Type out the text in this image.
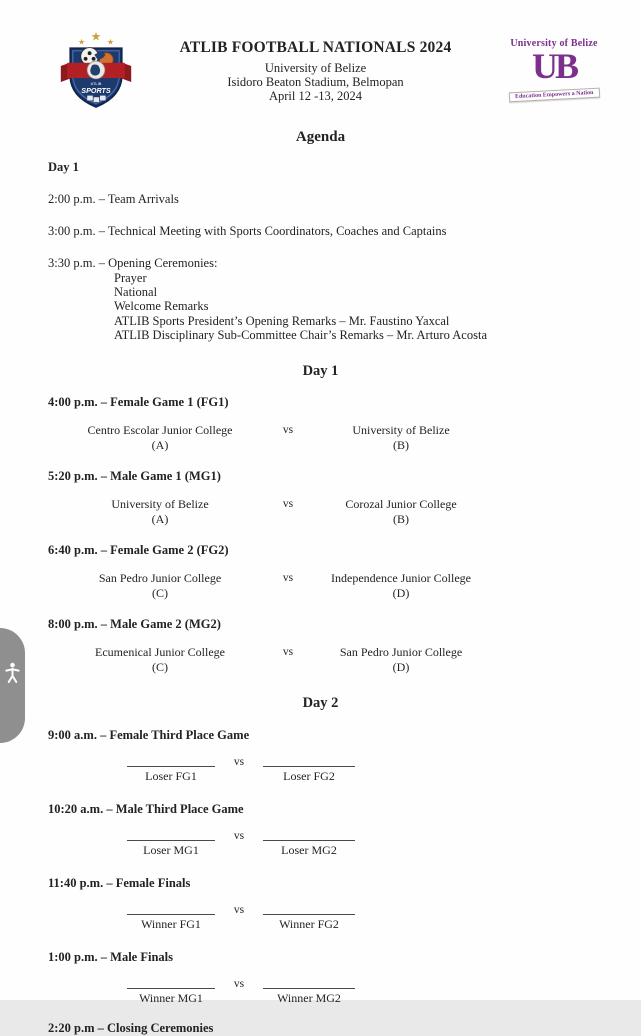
★
★ ★
ATLIB
SPORTS
ATLIB FOOTBALL NATIONALS 2024
University of Belize
Isidoro Beaton Stadium, Belmopan
April 12 -13, 2024
University of Belize
UB
Education Empowers a Nation
Agenda
Day 1
2:00 p.m. – Team Arrivals
3:00 p.m. – Technical Meeting with Sports Coordinators, Coaches and Captains
3:30 p.m. – Opening Ceremonies:
Prayer
National
Welcome Remarks
ATLIB Sports President’s Opening Remarks – Mr. Faustino Yaxcal
ATLIB Disciplinary Sub-Committee Chair’s Remarks – Mr. Arturo Acosta
Day 1
4:00 p.m. – Female Game 1 (FG1)
Centro Escolar Junior College
(A)
vs	University of Belize
(B)
5:20 p.m. – Male Game 1 (MG1)
University of Belize
(A)
vs	Corozal Junior College
(B)
6:40 p.m. – Female Game 2 (FG2)
San Pedro Junior College
(C)
vs	Independence Junior College
(D)
8:00 p.m. – Male Game 2 (MG2)
Ecumenical Junior College
(C)
vs	San Pedro Junior College
(D)
Day 2
9:00 a.m. – Female Third Place Game
Loser FG1
vs
Loser FG2
10:20 a.m. – Male Third Place Game
Loser MG1
vs
Loser MG2
11:40 p.m. – Female Finals
Winner FG1
vs
Winner FG2
1:00 p.m. – Male Finals
Winner MG1
vs
Winner MG2
2:20 p.m – Closing Ceremonies
